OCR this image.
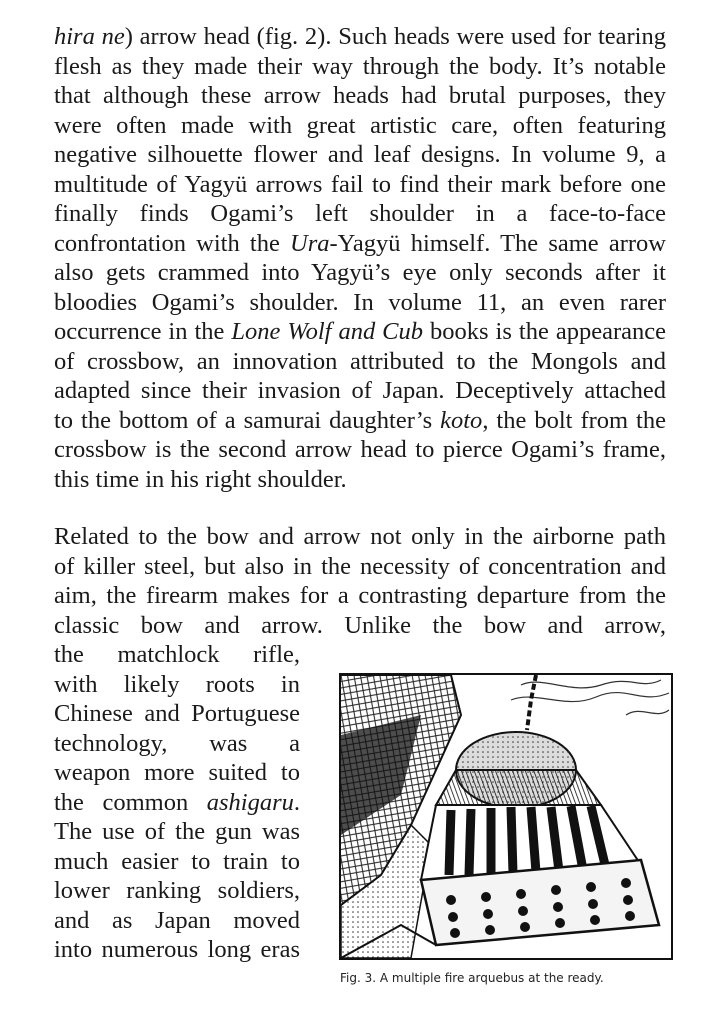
hira ne) arrow head (fig. 2). Such heads were used for tearing
flesh as they made their way through the body. It’s notable
that although these arrow heads had brutal purposes, they
were often made with great artistic care, often featuring
negative silhouette flower and leaf designs. In volume 9, a
multitude of Yagyü arrows fail to find their mark before one
finally finds Ogami’s left shoulder in a face-to-face
confrontation with the Ura-Yagyü himself. The same arrow
also gets crammed into Yagyü’s eye only seconds after it
bloodies Ogami’s shoulder. In volume 11, an even rarer
occurrence in the Lone Wolf and Cub books is the appearance
of crossbow, an innovation attributed to the Mongols and
adapted since their invasion of Japan. Deceptively attached
to the bottom of a samurai daughter’s koto, the bolt from the
crossbow is the second arrow head to pierce Ogami’s frame,
this time in his right shoulder.
Related to the bow and arrow not only in the airborne path
of killer steel, but also in the necessity of concentration and
aim, the firearm makes for a contrasting departure from the
classic bow and arrow. Unlike the bow and arrow,
the matchlock rifle,
with likely roots in
Chinese and Portuguese
technology, was a
weapon more suited to
the common ashigaru.
The use of the gun was
much easier to train to
lower ranking soldiers,
and as Japan moved
into numerous long eras
Fig. 3. A multiple fire arquebus at the ready.
